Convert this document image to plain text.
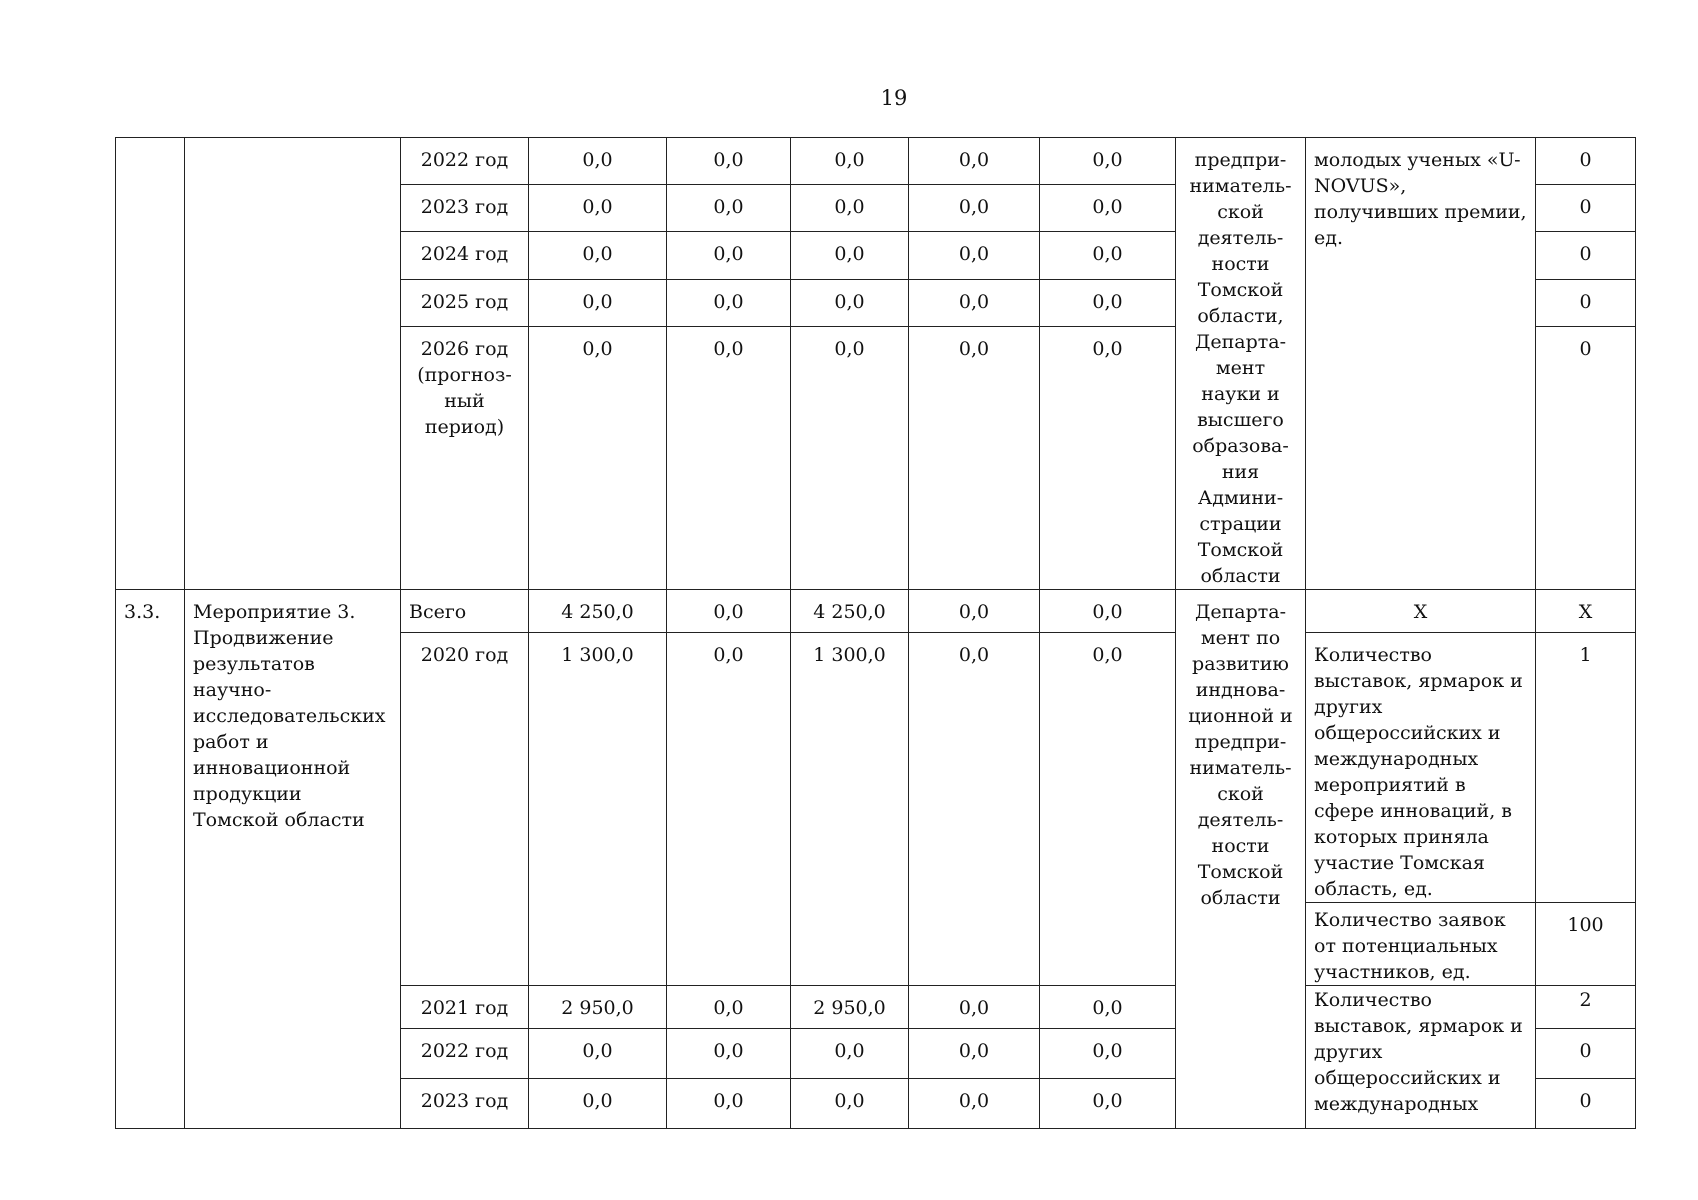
19
		2022 год	0,0	0,0	0,0	0,0	0,0	предпри-ниматель-ской деятель-ности Томской области, Департа-мент науки и высшего образова-ния Админи-страции Томской области	молодых ученых «U-NOVUS», получивших премии, ед.	0
		2023 год	0,0	0,0	0,0	0,0	0,0			0
		2024 год	0,0	0,0	0,0	0,0	0,0			0
		2025 год	0,0	0,0	0,0	0,0	0,0			0
		2026 год (прогноз-ный период)	0,0	0,0	0,0	0,0	0,0			0
3.3.	Мероприятие 3. Продвижение результатов научно-исследовательских работ и инновационной продукции Томской области	Всего	4 250,0	0,0	4 250,0	0,0	0,0	Департа-мент по развитию инднова-ционной и предпри-ниматель-ской деятель-ности Томской области	Х	Х
		2020 год	1 300,0	0,0	1 300,0	0,0	0,0		Количество выставок, ярмарок и других общероссийских и международных мероприятий в сфере инноваций, в которых приняла участие Томская область, ед.	1
									Количество заявок от потенциальных участников, ед.	100
		2021 год	2 950,0	0,0	2 950,0	0,0	0,0		Количество выставок, ярмарок и других общероссийских и международных	2
		2022 год	0,0	0,0	0,0	0,0	0,0			0
		2023 год	0,0	0,0	0,0	0,0	0,0			0
